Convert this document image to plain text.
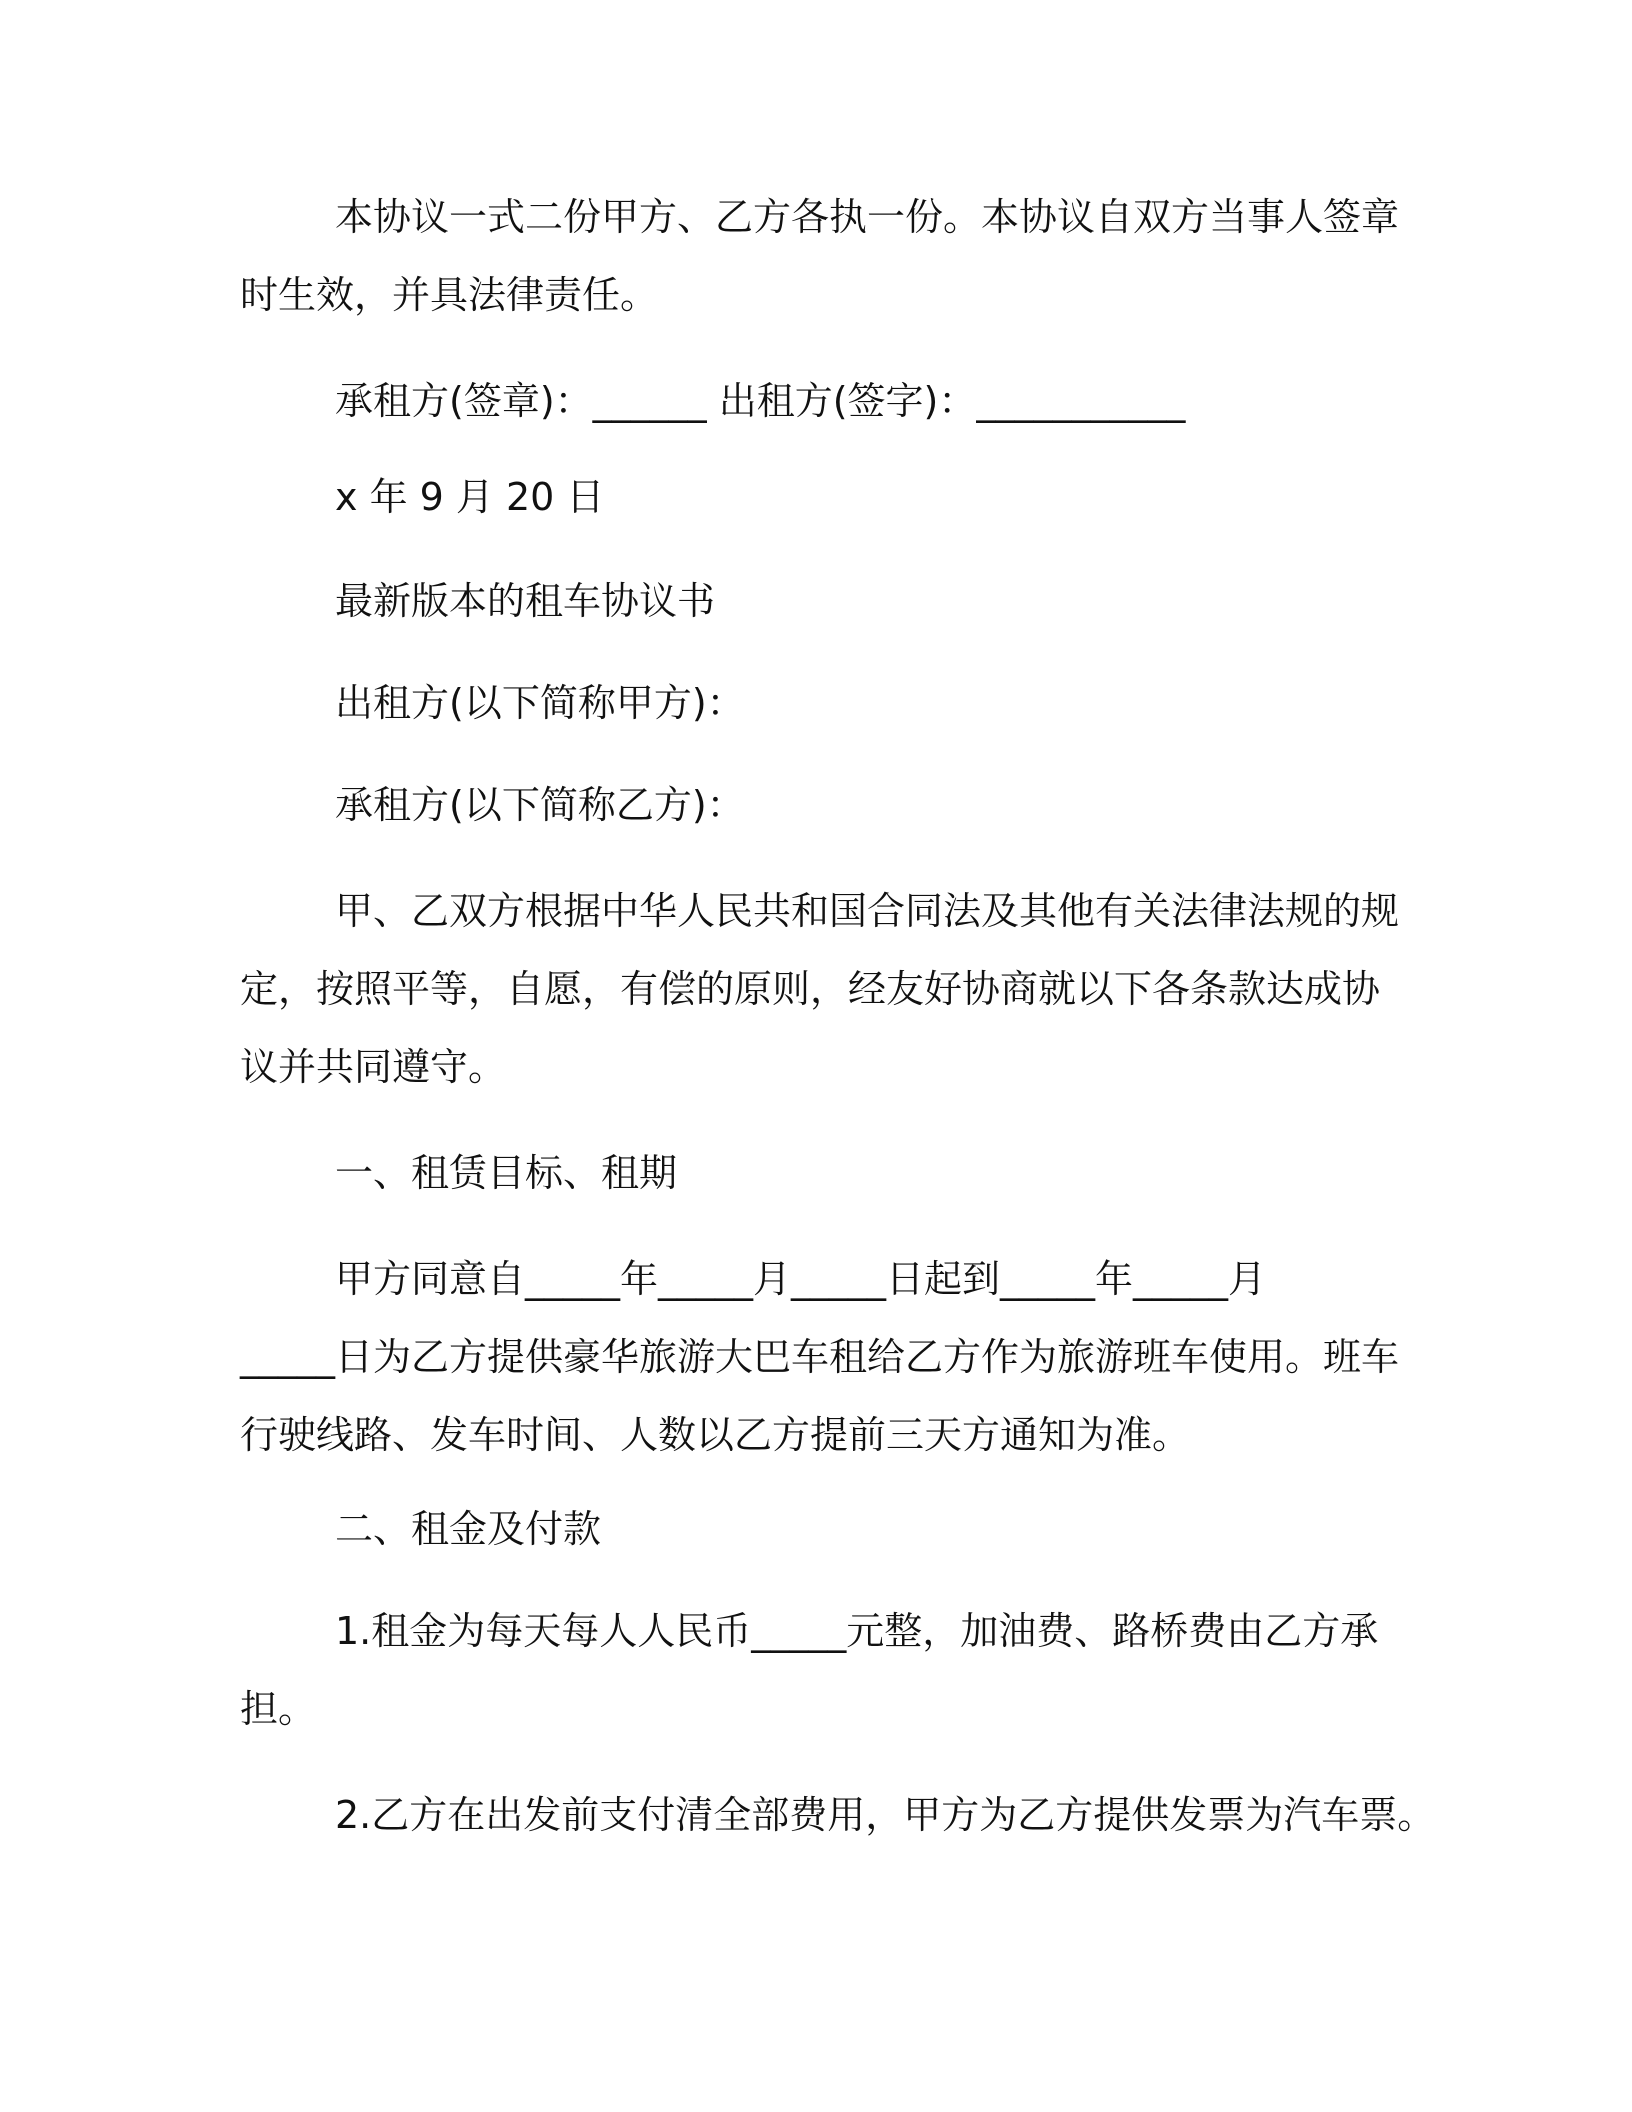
本协议一式二份甲方、乙方各执一份。本协议自双方当事人签章
时生效，并具法律责任。
承租方(签章)：______ 出租方(签字)：___________
x 年 9 月 20 日
最新版本的租车协议书
出租方(以下简称甲方)：
承租方(以下简称乙方)：
甲、乙双方根据中华人民共和国合同法及其他有关法律法规的规
定，按照平等，自愿，有偿的原则，经友好协商就以下各条款达成协
议并共同遵守。
一、租赁目标、租期
甲方同意自_____年_____月_____日起到_____年_____月
_____日为乙方提供豪华旅游大巴车租给乙方作为旅游班车使用。班车
行驶线路、发车时间、人数以乙方提前三天方通知为准。
二、租金及付款
1.租金为每天每人人民币_____元整，加油费、路桥费由乙方承
担。
2.乙方在出发前支付清全部费用，甲方为乙方提供发票为汽车票。
